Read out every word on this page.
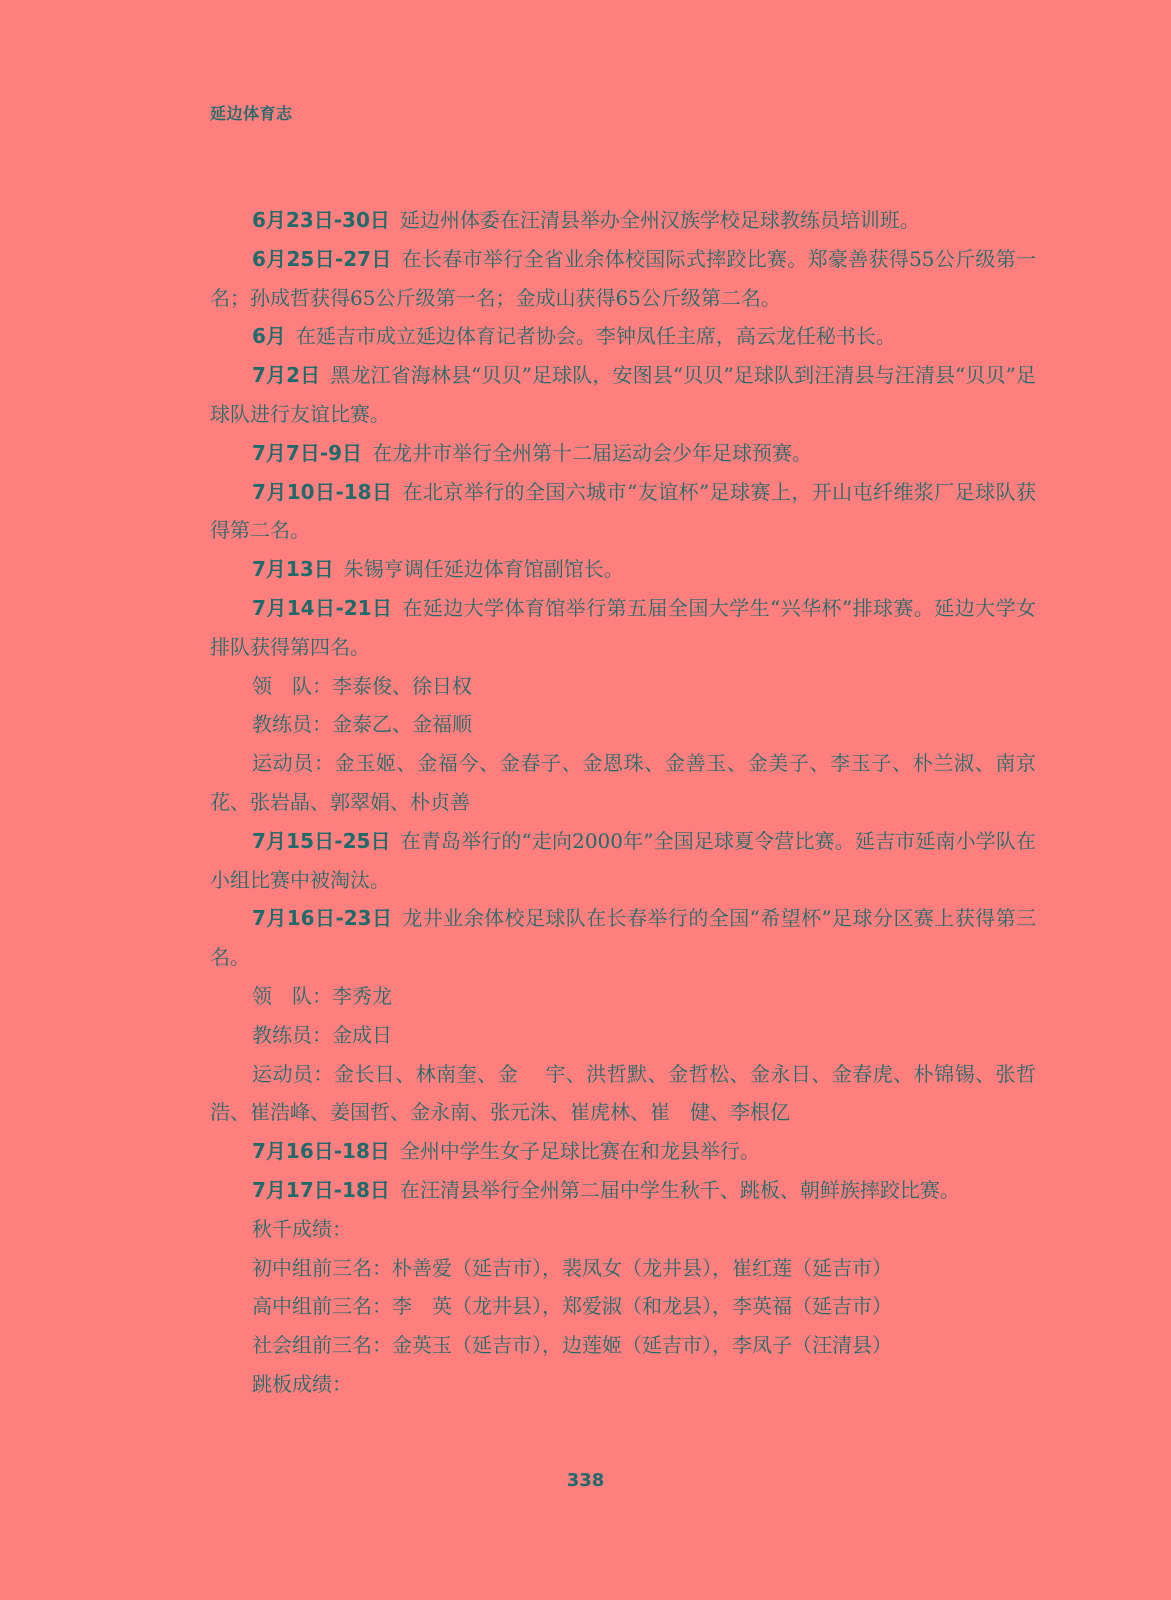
延边体育志

6月23日-30日 延边州体委在汪清县举办全州汉族学校足球教练员培训班。

6月25日-27日 在长春市举行全省业余体校国际式摔跤比赛。郑豪善获得55公斤级第一名；孙成哲获得65公斤级第一名；金成山获得65公斤级第二名。

6月 在延吉市成立延边体育记者协会。李钟凤任主席，高云龙任秘书长。

7月2日 黑龙江省海林县“贝贝”足球队，安图县“贝贝”足球队到汪清县与汪清县“贝贝”足球队进行友谊比赛。

7月7日-9日 在龙井市举行全州第十二届运动会少年足球预赛。

7月10日-18日 在北京举行的全国六城市“友谊杯”足球赛上，开山屯纤维浆厂足球队获得第二名。

7月13日 朱锡亨调任延边体育馆副馆长。

7月14日-21日 在延边大学体育馆举行第五届全国大学生“兴华杯”排球赛。延边大学女排队获得第四名。

领　队：李泰俊、徐日权

教练员：金泰乙、金福顺

运动员：金玉姬、金福今、金春子、金恩珠、金善玉、金美子、李玉子、朴兰淑、南京花、张岩晶、郭翠娟、朴贞善

7月15日-25日 在青岛举行的“走向2000年”全国足球夏令营比赛。延吉市延南小学队在小组比赛中被淘汰。

7月16日-23日 龙井业余体校足球队在长春举行的全国“希望杯”足球分区赛上获得第三名。

领　队：李秀龙

教练员：金成日

运动员：金长日、林南奎、金　 宇、洪哲默、金哲松、金永日、金春虎、朴锦锡、张哲浩、崔浩峰、姜国哲、金永南、张元洙、崔虎林、崔　健、李根亿

7月16日-18日 全州中学生女子足球比赛在和龙县举行。

7月17日-18日 在汪清县举行全州第二届中学生秋千、跳板、朝鲜族摔跤比赛。

秋千成绩：

初中组前三名：朴善爱（延吉市），裴凤女（龙井县），崔红莲（延吉市）

高中组前三名：李　英（龙井县），郑爱淑（和龙县），李英福（延吉市）

社会组前三名：金英玉（延吉市），边莲姬（延吉市），李凤子（汪清县）

跳板成绩：

338
